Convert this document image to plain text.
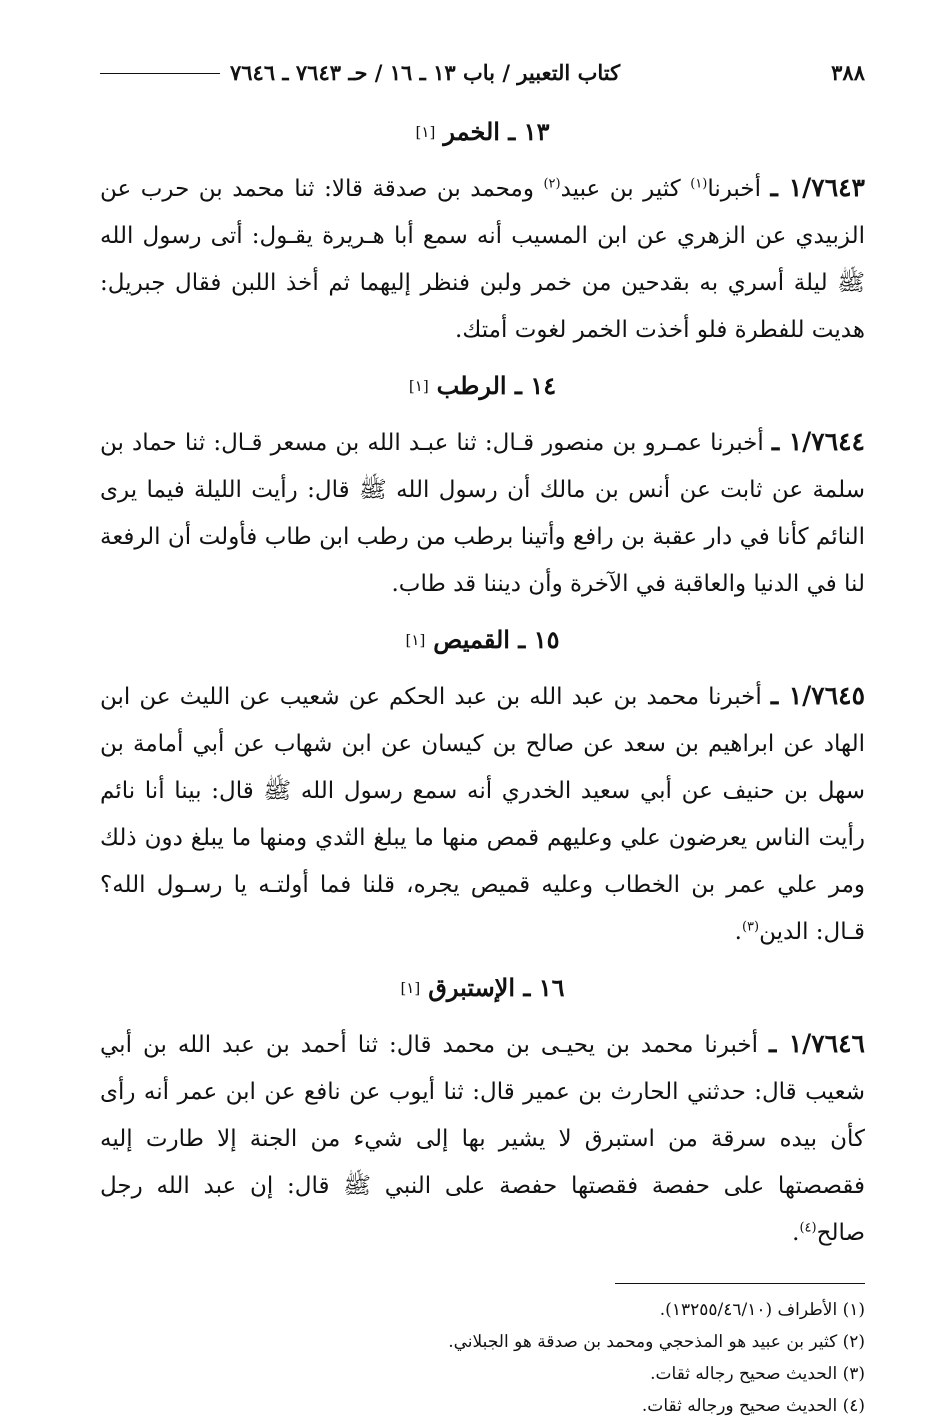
٣٨٨
كتاب التعبير / باب ١٣ ـ ١٦ / حـ ٧٦٤٣ ـ ٧٦٤٦
١٣ ـ الخمر[١]

١/٧٦٤٣ ـ أخبرنا$^{(١)}$ كثير بن عبيد$^{(٢)}$ ومحمد بن صدقة قالا: ثنا محمد بن حرب عن الزبيدي عن الزهري عن ابن المسيب أنه سمع أبا هـريرة يقـول: أتى رسول الله ﷺ ليلة أسري به بقدحين من خمر ولبن فنظر إليهما ثم أخذ اللبن فقال جبريل: هديت للفطرة فلو أخذت الخمر لغوت أمتك.

١٤ ـ الرطب[١]

١/٧٦٤٤ ـ أخبرنا عمـرو بن منصور قـال: ثنا عبـد الله بن مسعر قـال: ثنا حماد بن سلمة عن ثابت عن أنس بن مالك أن رسول الله ﷺ قال: رأيت الليلة فيما يرى النائم كأنا في دار عقبة بن رافع وأتينا برطب من رطب ابن طاب فأولت أن الرفعة لنا في الدنيا والعاقبة في الآخرة وأن ديننا قد طاب.

١٥ ـ القميص[١]

١/٧٦٤٥ ـ أخبرنا محمد بن عبد الله بن عبد الحكم عن شعيب عن الليث عن ابن الهاد عن ابراهيم بن سعد عن صالح بن كيسان عن ابن شهاب عن أبي أمامة بن سهل بن حنيف عن أبي سعيد الخدري أنه سمع رسول الله ﷺ قال: بينا أنا نائم رأيت الناس يعرضون علي وعليهم قمص منها ما يبلغ الثدي ومنها ما يبلغ دون ذلك ومر علي عمر بن الخطاب وعليه قميص يجره، قلنا فما أولتـه يا رسـول الله؟ قـال: الدين$^{(٣)}$.

١٦ ـ الإستبرق[١]

١/٧٦٤٦ ـ أخبرنا محمد بن يحيـى بن محمد قال: ثنا أحمد بن عبد الله بن أبي شعيب قال: حدثني الحارث بن عمير قال: ثنا أيوب عن نافع عن ابن عمر أنه رأى كأن بيده سرقة من استبرق لا يشير بها إلى شيء من الجنة إلا طارت إليه فقصصتها على حفصة فقصتها حفصة على النبي ﷺ قال: إن عبد الله رجل صالح$^{(٤)}$.

(١) الأطراف (١٣٢٥٥/٤٦/١٠).
(٢) كثير بن عبيد هو المذحجي ومحمد بن صدقة هو الجبلاني.
(٣) الحديث صحيح رجاله ثقات.
(٤) الحديث صحيح ورجاله ثقات.
